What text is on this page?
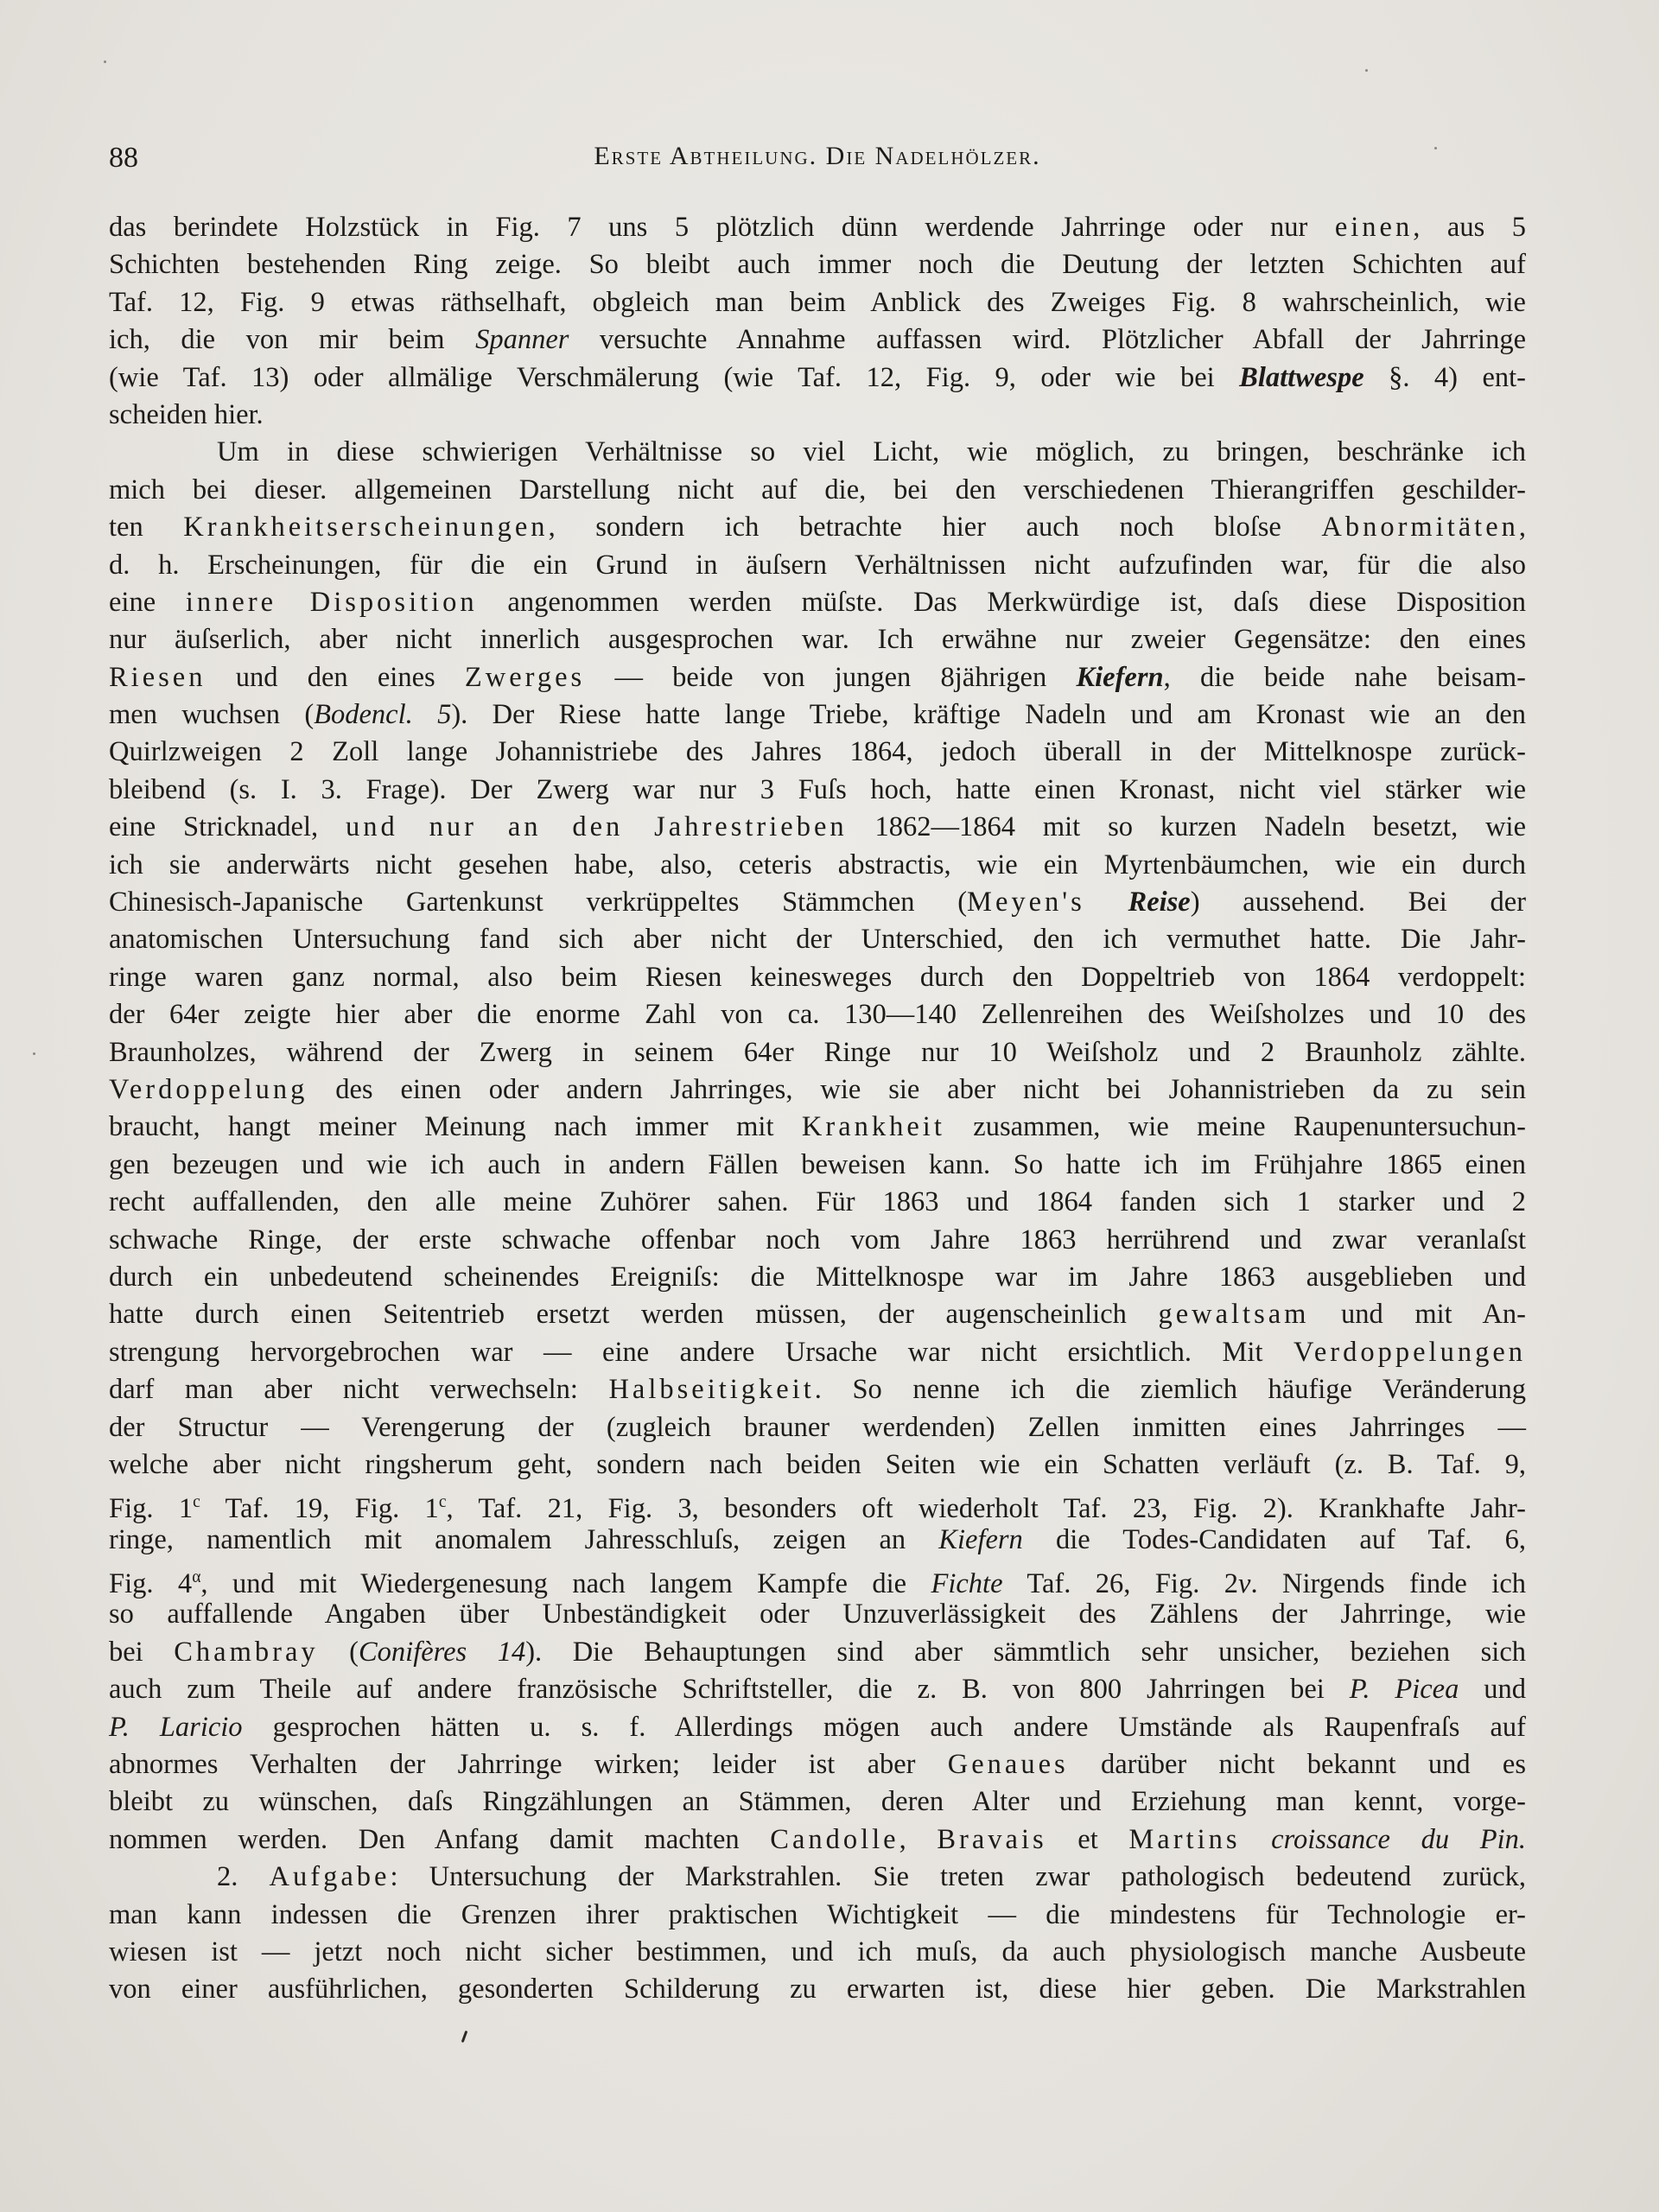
88	Erste Abtheilung. Die Nadelhölzer.
das berindete Holzstück in Fig. 7 uns 5 plötzlich dünn werdende Jahrringe oder nur einen, aus 5
Schichten bestehenden Ring zeige. So bleibt auch immer noch die Deutung der letzten Schichten auf
Taf. 12, Fig. 9 etwas räthselhaft, obgleich man beim Anblick des Zweiges Fig. 8 wahrscheinlich, wie
ich, die von mir beim Spanner versuchte Annahme auffassen wird. Plötzlicher Abfall der Jahrringe
(wie Taf. 13) oder allmälige Verschmälerung (wie Taf. 12, Fig. 9, oder wie bei Blattwespe §. 4) ent-
scheiden hier.
Um in diese schwierigen Verhältnisse so viel Licht, wie möglich, zu bringen, beschränke ich
mich bei dieser. allgemeinen Darstellung nicht auf die, bei den verschiedenen Thierangriffen geschilder-
ten Krankheitserscheinungen, sondern ich betrachte hier auch noch bloſse Abnormitäten,
d. h. Erscheinungen, für die ein Grund in äuſsern Verhältnissen nicht aufzufinden war, für die also
eine innere Disposition angenommen werden müſste. Das Merkwürdige ist, daſs diese Disposition
nur äuſserlich, aber nicht innerlich ausgesprochen war. Ich erwähne nur zweier Gegensätze: den eines
Riesen und den eines Zwerges — beide von jungen 8jährigen Kiefern, die beide nahe beisam-
men wuchsen (Bodencl. 5). Der Riese hatte lange Triebe, kräftige Nadeln und am Kronast wie an den
Quirlzweigen 2 Zoll lange Johannistriebe des Jahres 1864, jedoch überall in der Mittelknospe zurück-
bleibend (s. I. 3. Frage). Der Zwerg war nur 3 Fuſs hoch, hatte einen Kronast, nicht viel stärker wie
eine Stricknadel, und nur an den Jahrestrieben 1862—1864 mit so kurzen Nadeln besetzt, wie
ich sie anderwärts nicht gesehen habe, also, ceteris abstractis, wie ein Myrtenbäumchen, wie ein durch
Chinesisch-Japanische Gartenkunst verkrüppeltes Stämmchen (Meyen's Reise) aussehend. Bei der
anatomischen Untersuchung fand sich aber nicht der Unterschied, den ich vermuthet hatte. Die Jahr-
ringe waren ganz normal, also beim Riesen keinesweges durch den Doppeltrieb von 1864 verdoppelt:
der 64er zeigte hier aber die enorme Zahl von ca. 130—140 Zellenreihen des Weiſsholzes und 10 des
Braunholzes, während der Zwerg in seinem 64er Ringe nur 10 Weiſsholz und 2 Braunholz zählte.
Verdoppelung des einen oder andern Jahrringes, wie sie aber nicht bei Johannistrieben da zu sein
braucht, hangt meiner Meinung nach immer mit Krankheit zusammen, wie meine Raupenuntersuchun-
gen bezeugen und wie ich auch in andern Fällen beweisen kann. So hatte ich im Frühjahre 1865 einen
recht auffallenden, den alle meine Zuhörer sahen. Für 1863 und 1864 fanden sich 1 starker und 2
schwache Ringe, der erste schwache offenbar noch vom Jahre 1863 herrührend und zwar veranlaſst
durch ein unbedeutend scheinendes Ereigniſs: die Mittelknospe war im Jahre 1863 ausgeblieben und
hatte durch einen Seitentrieb ersetzt werden müssen, der augenscheinlich gewaltsam und mit An-
strengung hervorgebrochen war — eine andere Ursache war nicht ersichtlich. Mit Verdoppelungen
darf man aber nicht verwechseln: Halbseitigkeit. So nenne ich die ziemlich häufige Veränderung
der Structur — Verengerung der (zugleich brauner werdenden) Zellen inmitten eines Jahrringes —
welche aber nicht ringsherum geht, sondern nach beiden Seiten wie ein Schatten verläuft (z. B. Taf. 9,
Fig. 1$^c$ Taf. 19, Fig. 1$^c$, Taf. 21, Fig. 3, besonders oft wiederholt Taf. 23, Fig. 2). Krankhafte Jahr-
ringe, namentlich mit anomalem Jahresschluſs, zeigen an Kiefern die Todes-Candidaten auf Taf. 6,
Fig. $4^\alpha$, und mit Wiedergenesung nach langem Kampfe die Fichte Taf. 26, Fig. 2v. Nirgends finde ich
so auffallende Angaben über Unbeständigkeit oder Unzuverlässigkeit des Zählens der Jahrringe, wie
bei Chambray (Conifères 14). Die Behauptungen sind aber sämmtlich sehr unsicher, beziehen sich
auch zum Theile auf andere französische Schriftsteller, die z. B. von 800 Jahrringen bei P. Picea und
P. Laricio gesprochen hätten u. s. f. Allerdings mögen auch andere Umstände als Raupenfraſs auf
abnormes Verhalten der Jahrringe wirken; leider ist aber Genaues darüber nicht bekannt und es
bleibt zu wünschen, daſs Ringzählungen an Stämmen, deren Alter und Erziehung man kennt, vorge-
nommen werden. Den Anfang damit machten Candolle, Bravais et Martins croissance du Pin.
2. Aufgabe: Untersuchung der Markstrahlen. Sie treten zwar pathologisch bedeutend zurück,
man kann indessen die Grenzen ihrer praktischen Wichtigkeit — die mindestens für Technologie er-
wiesen ist — jetzt noch nicht sicher bestimmen, und ich muſs, da auch physiologisch manche Ausbeute
von einer ausführlichen, gesonderten Schilderung zu erwarten ist, diese hier geben. Die Markstrahlen
